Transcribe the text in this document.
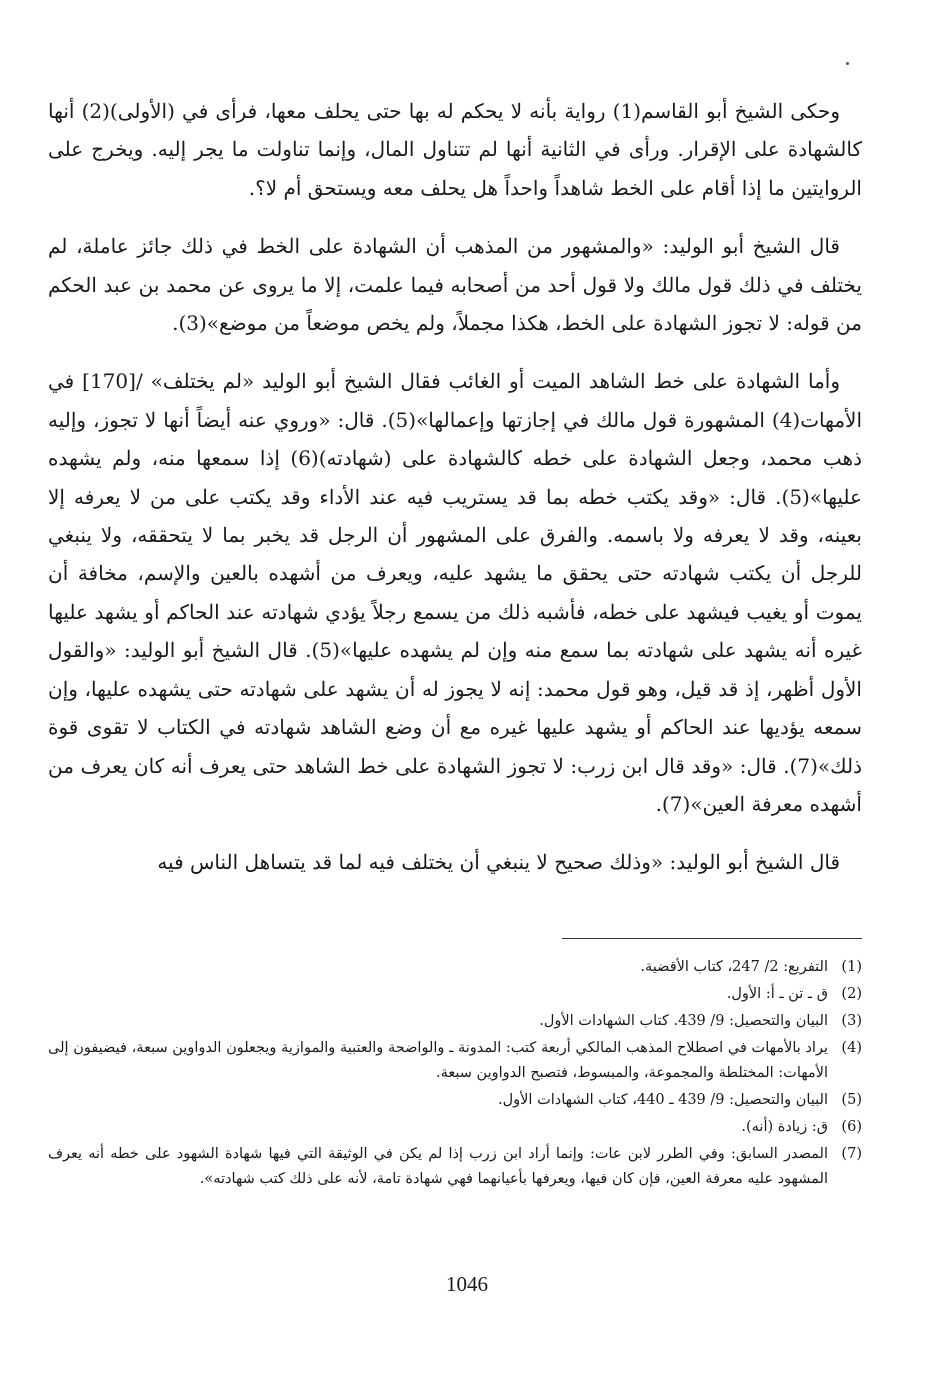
وحكى الشيخ أبو القاسم(1) رواية بأنه لا يحكم له بها حتى يحلف معها، فرأى في (الأولى)(2) أنها كالشهادة على الإقرار. ورأى في الثانية أنها لم تتناول المال، وإنما تناولت ما يجر إليه. ويخرج على الروايتين ما إذا أقام على الخط شاهداً واحداً هل يحلف معه ويستحق أم لا؟.

قال الشيخ أبو الوليد: «والمشهور من المذهب أن الشهادة على الخط في ذلك جائز عاملة، لم يختلف في ذلك قول مالك ولا قول أحد من أصحابه فيما علمت، إلا ما يروى عن محمد بن عبد الحكم من قوله: لا تجوز الشهادة على الخط، هكذا مجملاً، ولم يخص موضعاً من موضع»(3).

وأما الشهادة على خط الشاهد الميت أو الغائب فقال الشيخ أبو الوليد «لم يختلف» /[170] في الأمهات(4) المشهورة قول مالك في إجازتها وإعمالها»(5). قال: «وروي عنه أيضاً أنها لا تجوز، وإليه ذهب محمد، وجعل الشهادة على خطه كالشهادة على (شهادته)(6) إذا سمعها منه، ولم يشهده عليها»(5). قال: «وقد يكتب خطه بما قد يستريب فيه عند الأداء وقد يكتب على من لا يعرفه إلا بعينه، وقد لا يعرفه ولا باسمه. والفرق على المشهور أن الرجل قد يخبر بما لا يتحققه، ولا ينبغي للرجل أن يكتب شهادته حتى يحقق ما يشهد عليه، ويعرف من أشهده بالعين والإسم، مخافة أن يموت أو يغيب فيشهد على خطه، فأشبه ذلك من يسمع رجلاً يؤدي شهادته عند الحاكم أو يشهد عليها غيره أنه يشهد على شهادته بما سمع منه وإن لم يشهده عليها»(5). قال الشيخ أبو الوليد: «والقول الأول أظهر، إذ قد قيل، وهو قول محمد: إنه لا يجوز له أن يشهد على شهادته حتى يشهده عليها، وإن سمعه يؤديها عند الحاكم أو يشهد عليها غيره مع أن وضع الشاهد شهادته في الكتاب لا تقوى قوة ذلك»(7). قال: «وقد قال ابن زرب: لا تجوز الشهادة على خط الشاهد حتى يعرف أنه كان يعرف من أشهده معرفة العين»(7).

قال الشيخ أبو الوليد: «وذلك صحيح لا ينبغي أن يختلف فيه لما قد يتساهل الناس فيه

(1)
التفريع: 2/ 247، كتاب الأقضية.
(2)
ق ـ تن ـ أ: الأول.
(3)
البيان والتحصيل: 9/ 439. كتاب الشهادات الأول.
(4)
يراد بالأمهات في اصطلاح المذهب المالكي أربعة كتب: المدونة ـ والواضحة والعتبية والموازية ويجعلون الدواوين سبعة، فيضيفون إلى الأمهات: المختلطة والمجموعة، والمبسوط، فتصبح الدواوين سبعة.
(5)
البيان والتحصيل: 9/ 439 ـ 440، كتاب الشهادات الأول.
(6)
ق: زيادة (أنه).
(7)
المصدر السابق: وفي الطرر لابن عات: وإنما أراد ابن زرب إذا لم يكن في الوثيقة التي فيها شهادة الشهود على خطه أنه يعرف المشهود عليه معرفة العين، فإن كان فيها، ويعرفها بأعيانهما فهي شهادة تامة، لأنه على ذلك كتب شهادته».
1046
